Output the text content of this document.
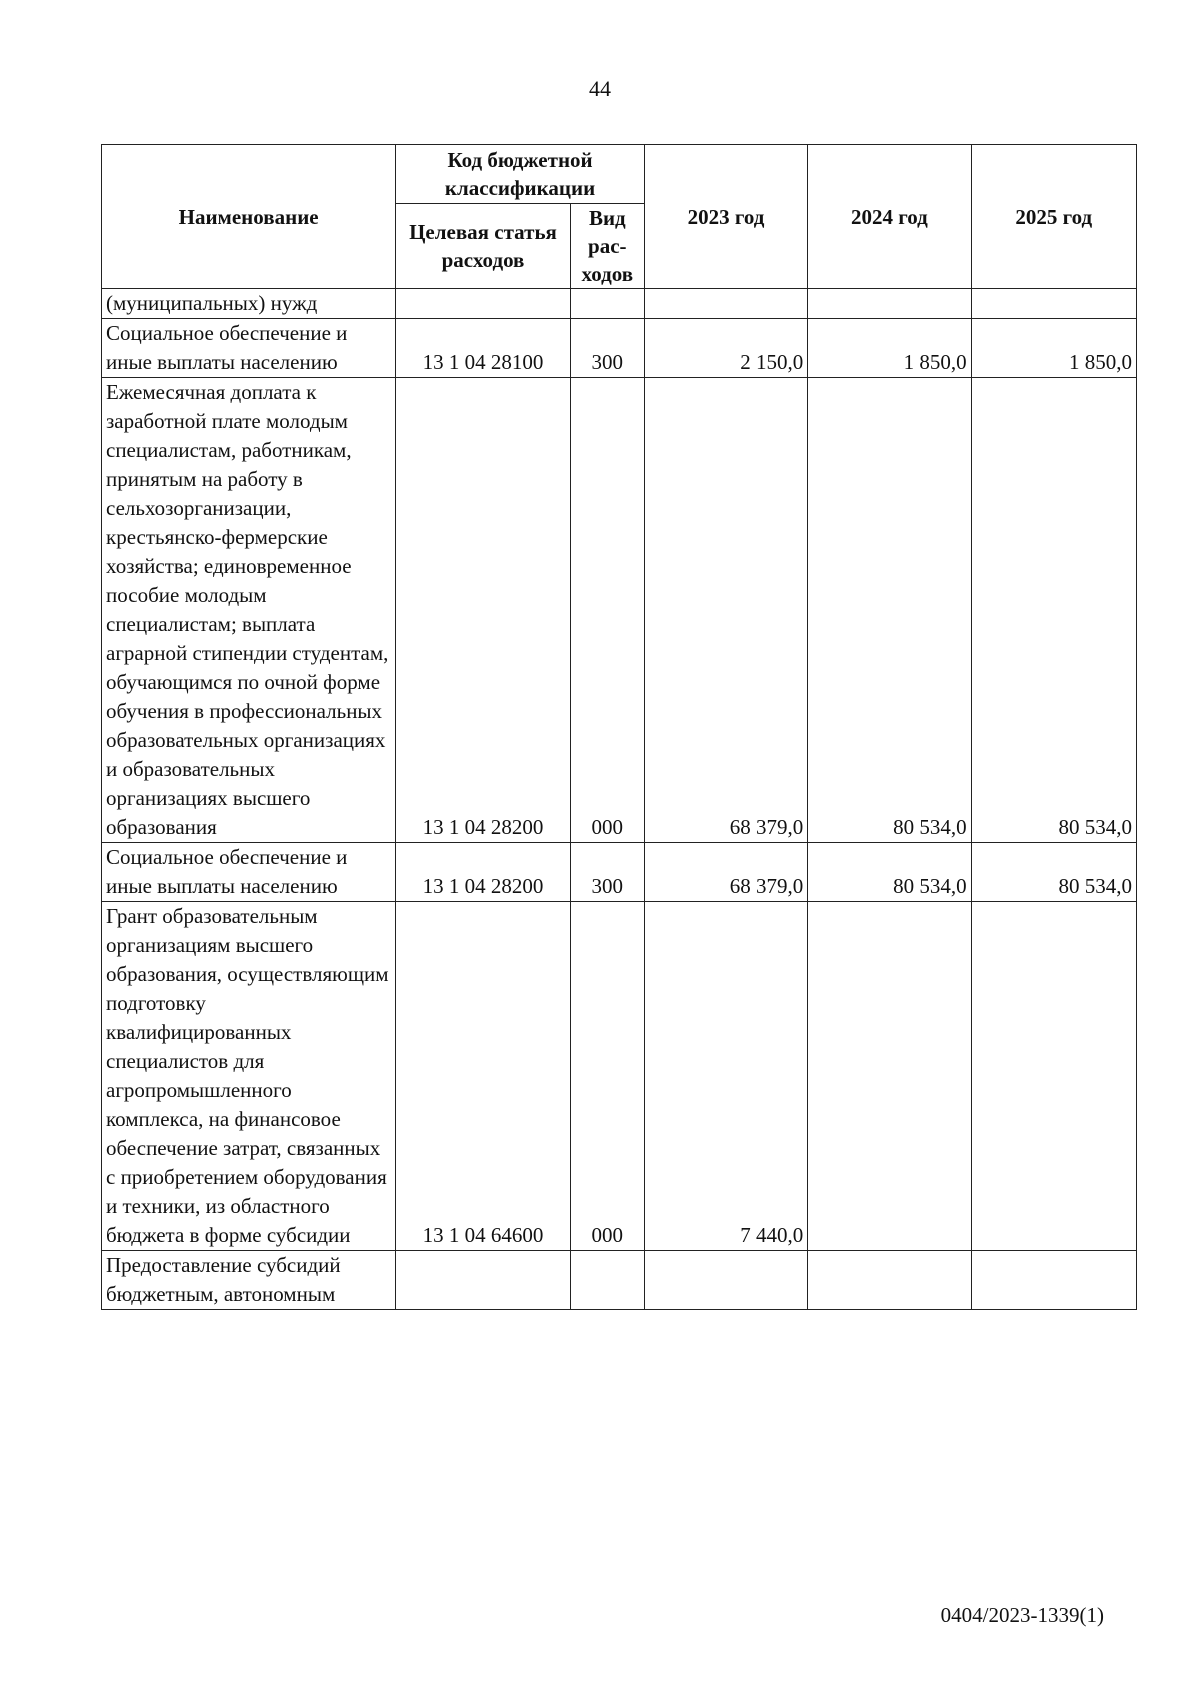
44
Наименование	Код бюджетной классификации		2023 год	2024 год	2025 год
	Целевая статья расходов	Вид рас-ходов			
(муниципальных) нужд					
Социальное обеспечение и иные выплаты населению	13 1 04 28100	300	2 150,0	1 850,0	1 850,0
Ежемесячная доплата к заработной плате молодым специалистам, работникам, принятым на работу в сельхозорганизации, крестьянско-фермерские хозяйства; единовременное пособие молодым специалистам; выплата аграрной стипендии студентам, обучающимся по очной форме обучения в профессиональных образовательных организациях и образовательных организациях высшего образования	13 1 04 28200	000	68 379,0	80 534,0	80 534,0
Социальное обеспечение и иные выплаты населению	13 1 04 28200	300	68 379,0	80 534,0	80 534,0
Грант образовательным организациям высшего образования, осуществляющим подготовку квалифицированных специалистов для агропромышленного комплекса, на финансовое обеспечение затрат, связанных с приобретением оборудования и техники, из областного бюджета в форме субсидии	13 1 04 64600	000	7 440,0		
Предоставление субсидий бюджетным, автономным					
0404/2023-1339(1)
